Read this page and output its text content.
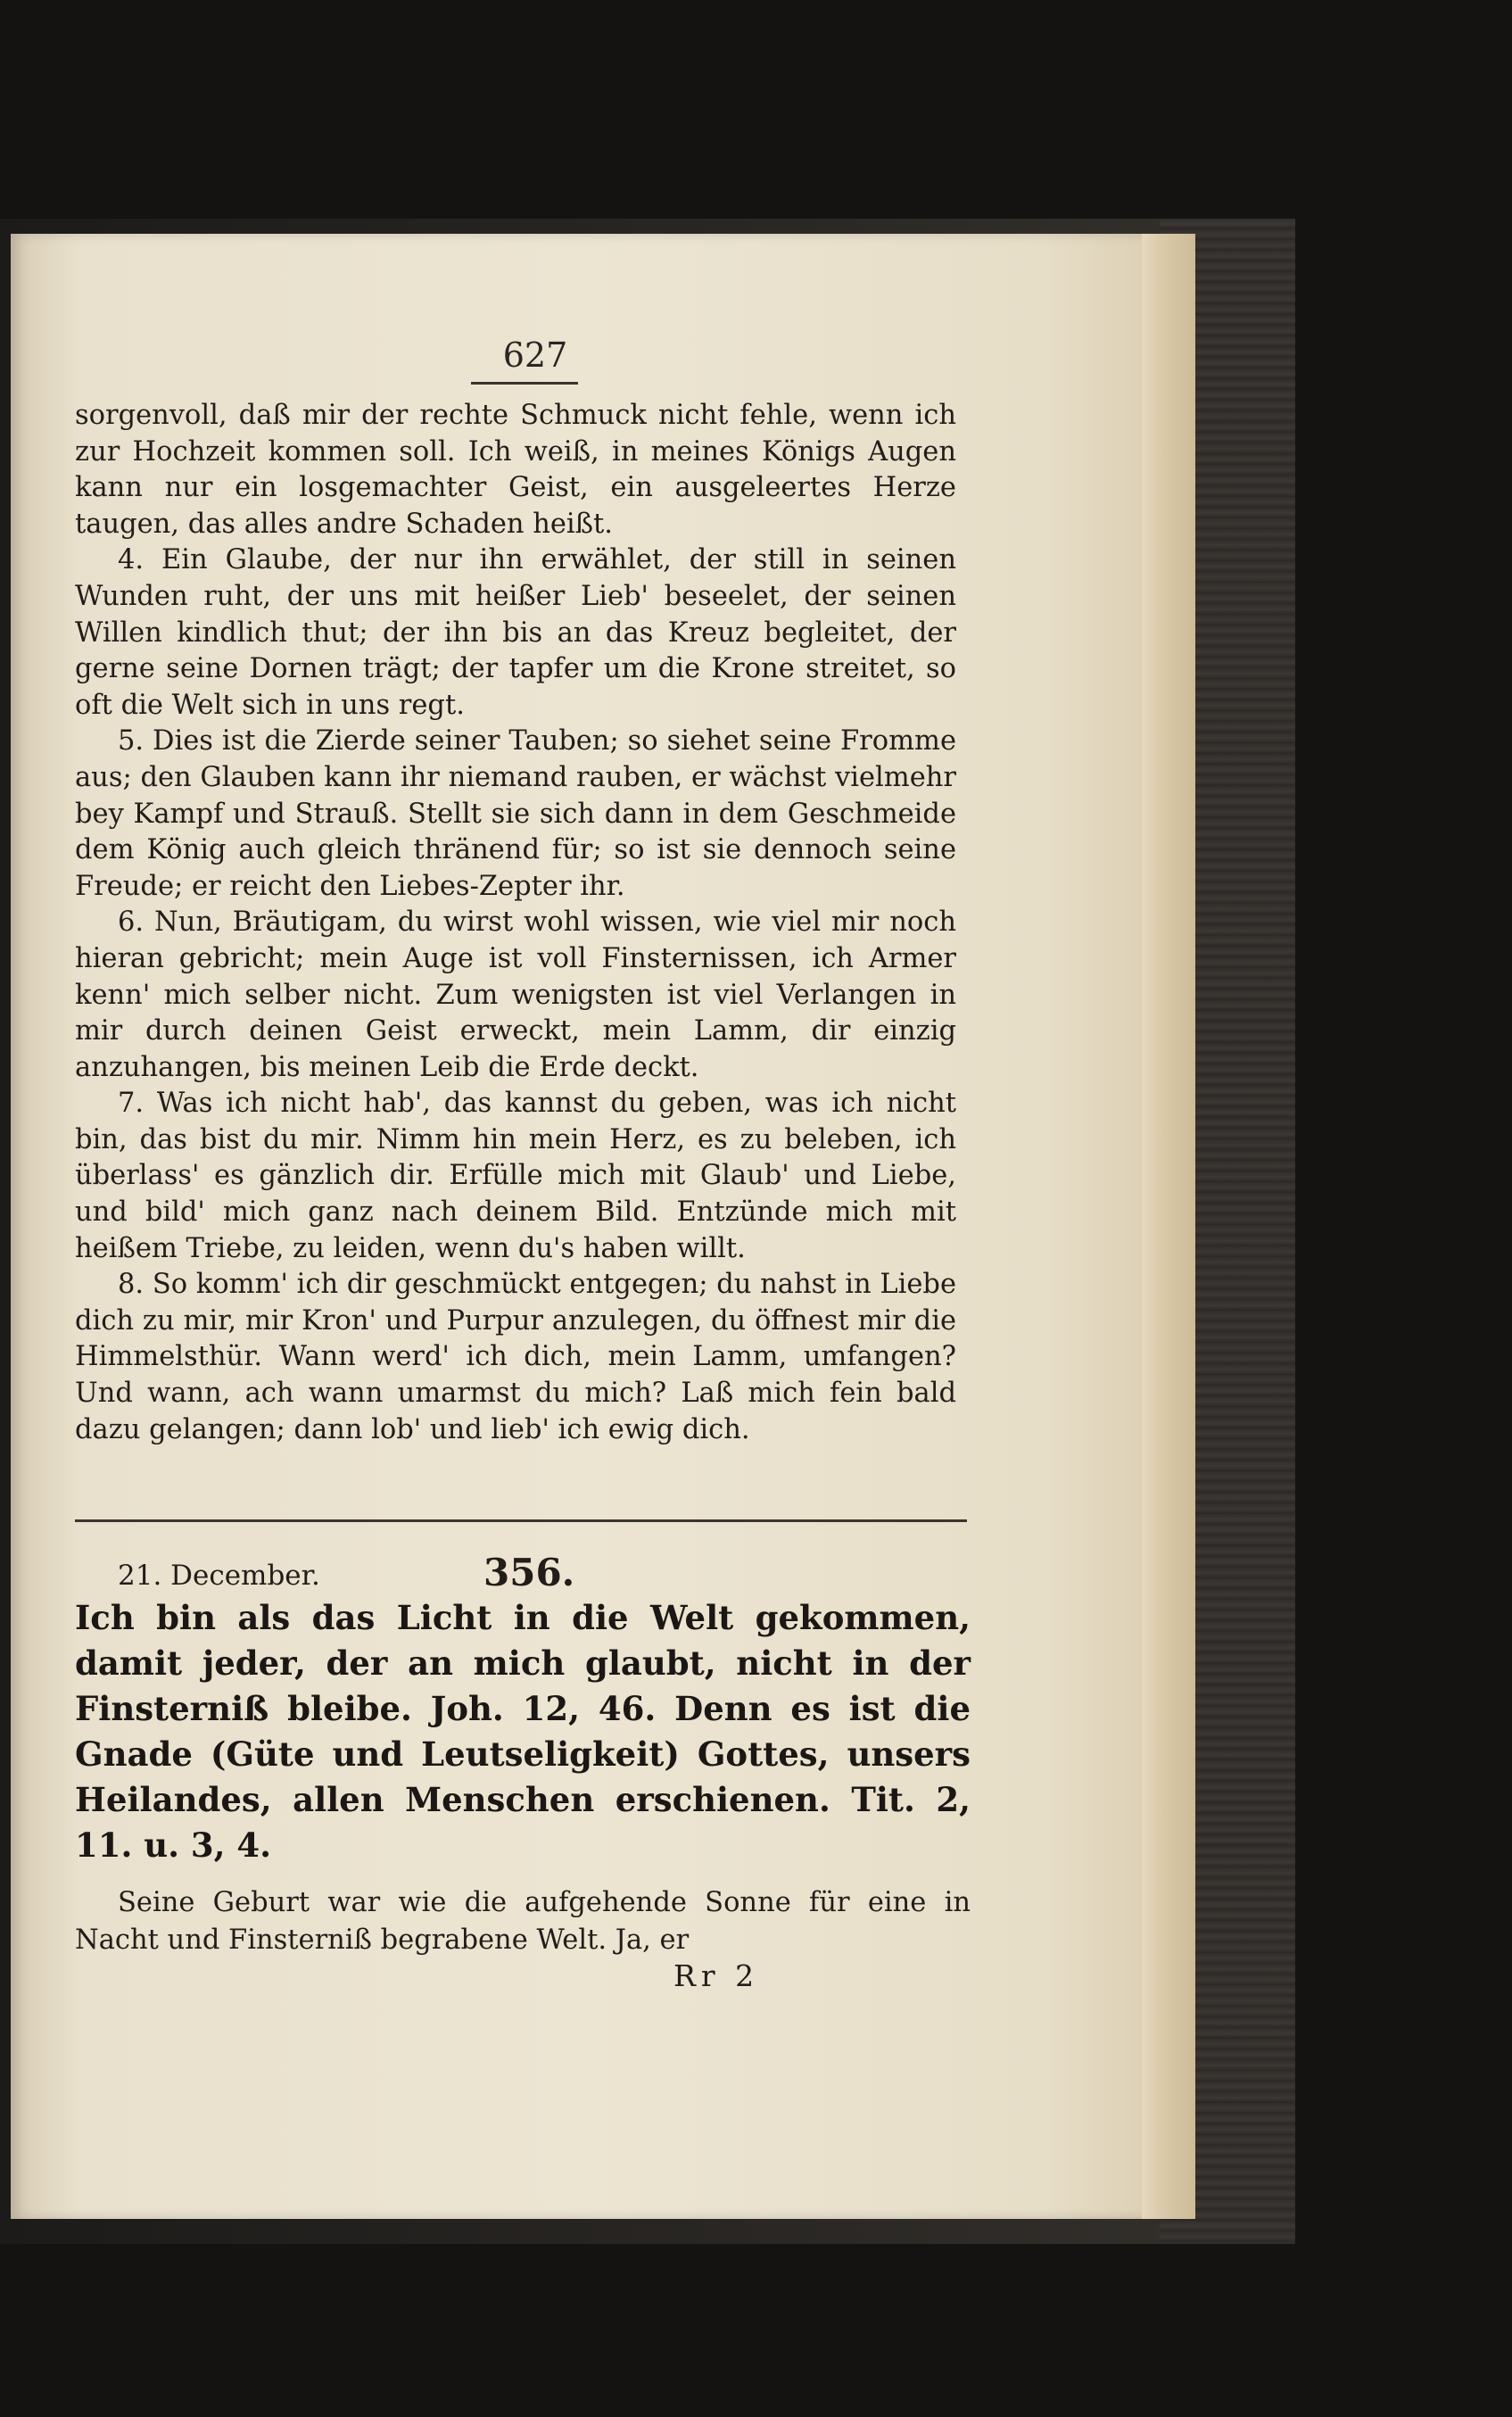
627

sorgenvoll, daß mir der rechte Schmuck nicht fehle, wenn ich zur Hochzeit kommen soll. Ich weiß, in meines Königs Augen kann nur ein losgemachter Geist, ein ausgeleertes Herze taugen, das alles andre Schaden heißt.

4. Ein Glaube, der nur ihn erwählet, der still in seinen Wunden ruht, der uns mit heißer Lieb' beseelet, der seinen Willen kindlich thut; der ihn bis an das Kreuz begleitet, der gerne seine Dornen trägt; der tapfer um die Krone streitet, so oft die Welt sich in uns regt.

5. Dies ist die Zierde seiner Tauben; so siehet seine Fromme aus; den Glauben kann ihr niemand rauben, er wächst vielmehr bey Kampf und Strauß. Stellt sie sich dann in dem Geschmeide dem König auch gleich thränend für; so ist sie dennoch seine Freude; er reicht den Liebes-Zepter ihr.

6. Nun, Bräutigam, du wirst wohl wissen, wie viel mir noch hieran gebricht; mein Auge ist voll Finsternissen, ich Armer kenn' mich selber nicht. Zum wenigsten ist viel Verlangen in mir durch deinen Geist erweckt, mein Lamm, dir einzig anzuhangen, bis meinen Leib die Erde deckt.

7. Was ich nicht hab', das kannst du geben, was ich nicht bin, das bist du mir. Nimm hin mein Herz, es zu beleben, ich überlass' es gänzlich dir. Erfülle mich mit Glaub' und Liebe, und bild' mich ganz nach deinem Bild. Entzünde mich mit heißem Triebe, zu leiden, wenn du's haben willt.

8. So komm' ich dir geschmückt entgegen; du nahst in Liebe dich zu mir, mir Kron' und Purpur anzulegen, du öffnest mir die Himmelsthür. Wann werd' ich dich, mein Lamm, umfangen? Und wann, ach wann umarmst du mich? Laß mich fein bald dazu gelangen; dann lob' und lieb' ich ewig dich.

21. December.	356.
Ich bin als das Licht in die Welt gekommen, damit jeder, der an mich glaubt, nicht in der Finsterniß bleibe. Joh. 12, 46. Denn es ist die Gnade (Güte und Leutseligkeit) Gottes, unsers Heilandes, allen Menschen erschienen. Tit. 2, 11. u. 3, 4.

Seine Geburt war wie die aufgehende Sonne für eine in Nacht und Finsterniß begrabene Welt. Ja, er

Rr 2
